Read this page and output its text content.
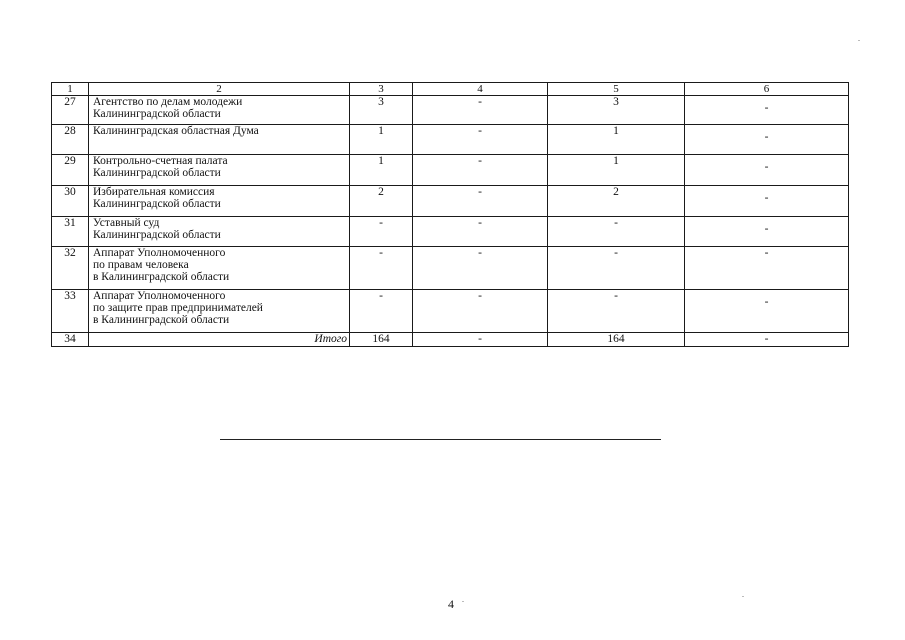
1	2	3	4	5	6
27	Агентство по делам молодежи
Калининградской области	3	-	3	-
28	Калининградская областная Дума	1	-	1	-
29	Контрольно-счетная палата
Калининградской области	1	-	1	-
30	Избирательная комиссия
Калининградской области	2	-	2	-
31	Уставный суд
Калининградской области	-	-	-	-
32	Аппарат Уполномоченного
по правам человека
в Калининградской области	-	-	-	-
33	Аппарат Уполномоченного
по защите прав предпринимателей
в Калининградской области	-	-	-	-
34	Итого	164	-	164	-
4
